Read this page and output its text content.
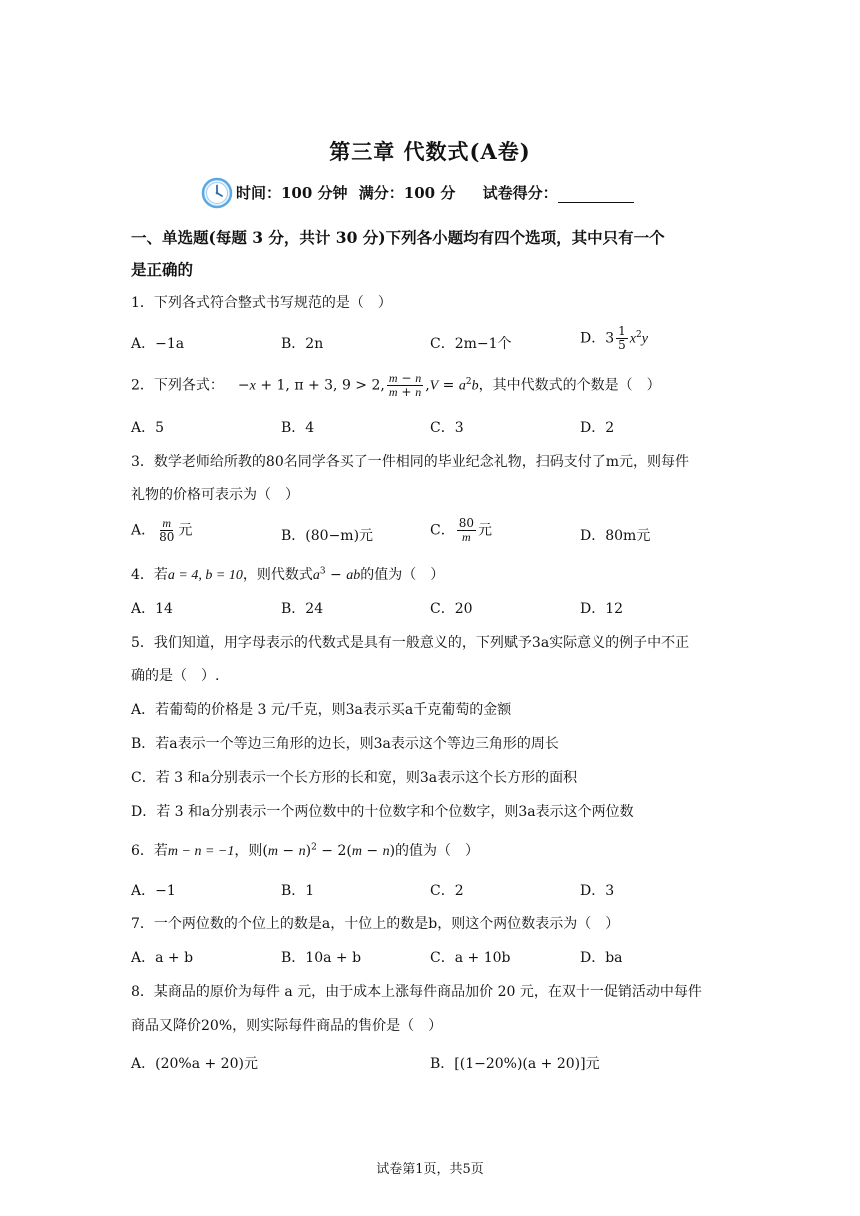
第三章 代数式(A卷)
时间：100 分钟 满分：100 分 试卷得分：
一、单选题(每题 3 分，共计 30 分)下列各小题均有四个选项，其中只有一个
是正确的
1．下列各式符合整式书写规范的是（　）
A．−1a	B．2n	C．2m−1个	D．$3 \frac{1}{5} x^2y$
2．下列各式： −x + 1, π + 3, 9 > 2, $\frac{m - n}{m + n} ,V = a^2b$，其中代数式的个数是（　）
A．5	B．4	C．3	D．2
3．数学老师给所教的80名同学各买了一件相同的毕业纪念礼物，扫码支付了m元，则每件
礼物的价格可表示为（　）
A． $\frac{m}{80}$ 元	B．(80−m)元	C． $\frac{80}{m}$ 元	D．80m元
4．若a = 4, b = 10，则代数式$a^3$ − ab的值为（　）
A．14	B．24	C．20	D．12
5．我们知道，用字母表示的代数式是具有一般意义的，下列赋予3a实际意义的例子中不正
确的是（　）.
A．若葡萄的价格是 3 元/千克，则3a表示买a千克葡萄的金额
B．若a表示一个等边三角形的边长，则3a表示这个等边三角形的周长
C．若 3 和a分别表示一个长方形的长和宽，则3a表示这个长方形的面积
D．若 3 和a分别表示一个两位数中的十位数字和个位数字，则3a表示这个两位数
6．若m − n = −1，则$(m - n)^2 - 2(m - n)$的值为（　）
A．−1	B．1	C．2	D．3
7．一个两位数的个位上的数是a，十位上的数是b，则这个两位数表示为（　）
A．a + b	B．10a + b	C．a + 10b	D．ba
8．某商品的原价为每件 a 元，由于成本上涨每件商品加价 20 元，在双十一促销活动中每件
商品又降价20%，则实际每件商品的售价是（　）
A．(20%a + 20)元	B．[(1−20%)(a + 20)]元
试卷第1页，共5页
